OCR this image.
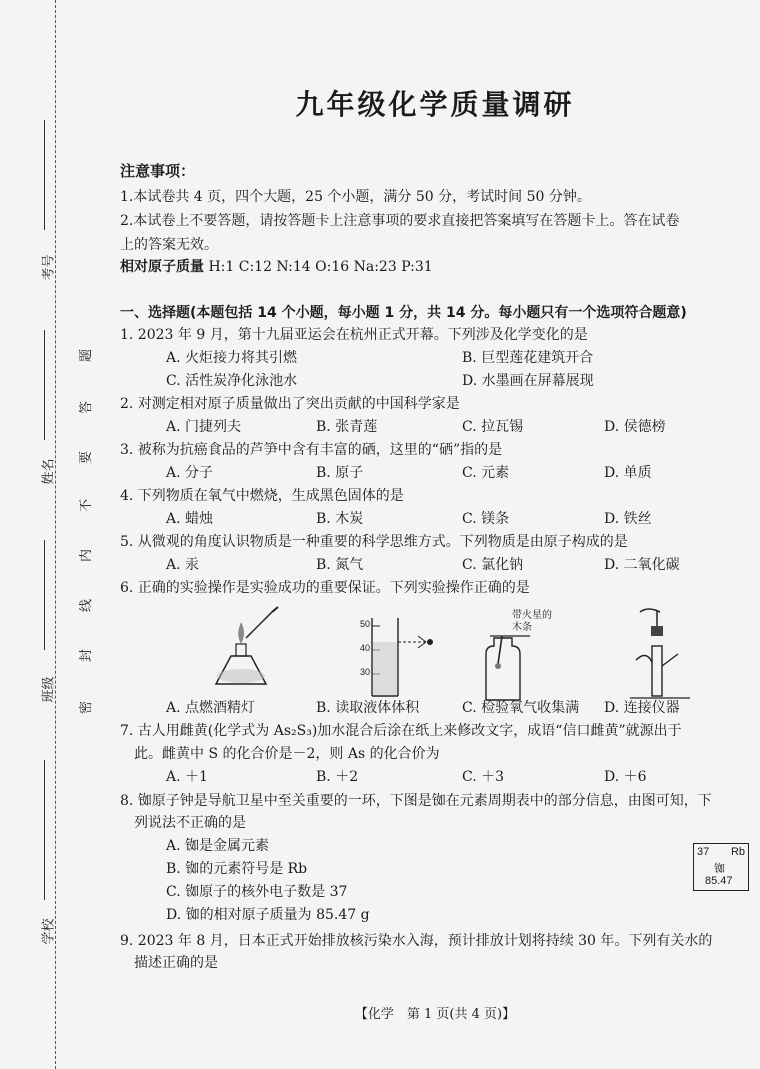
考号
姓名
班级
学校
题
答
要
不
内
线
封
密
九年级化学质量调研
注意事项：
1.本试卷共 4 页，四个大题，25 个小题，满分 50 分，考试时间 50 分钟。
2.本试卷上不要答题，请按答题卡上注意事项的要求直接把答案填写在答题卡上。答在试卷
上的答案无效。
相对原子质量 H:1 C:12 N:14 O:16 Na:23 P:31
一、选择题(本题包括 14 个小题，每小题 1 分，共 14 分。每小题只有一个选项符合题意)
1. 2023 年 9 月，第十九届亚运会在杭州正式开幕。下列涉及化学变化的是
A. 火炬接力将其引燃	B. 巨型莲花建筑开合
C. 活性炭净化泳池水	D. 水墨画在屏幕展现
2. 对测定相对原子质量做出了突出贡献的中国科学家是
A. 门捷列夫	B. 张青莲	C. 拉瓦锡	D. 侯德榜
3. 被称为抗癌食品的芦笋中含有丰富的硒，这里的“硒”指的是
A. 分子	B. 原子	C. 元素	D. 单质
4. 下列物质在氧气中燃烧，生成黑色固体的是
A. 蜡烛	B. 木炭	C. 镁条	D. 铁丝
5. 从微观的角度认识物质是一种重要的科学思维方式。下列物质是由原子构成的是
A. 汞	B. 氮气	C. 氯化钠	D. 二氧化碳
6. 正确的实验操作是实验成功的重要保证。下列实验操作正确的是
50
40
30
带火星的木条
A. 点燃酒精灯	B. 读取液体体积	C. 检验氧气收集满 D. 连接仪器
7. 古人用雌黄(化学式为 As₂S₃)加水混合后涂在纸上来修改文字，成语“信口雌黄”就源出于
此。雌黄中 S 的化合价是－2，则 As 的化合价为
A. ＋1	B. ＋2	C. ＋3	D. ＋6
8. 铷原子钟是导航卫星中至关重要的一环，下图是铷在元素周期表中的部分信息，由图可知，下
列说法不正确的是
A. 铷是金属元素
B. 铷的元素符号是 Rb
C. 铷原子的核外电子数是 37
D. 铷的相对原子质量为 85.47 g
37 Rb
铷
85.47
9. 2023 年 8 月，日本正式开始排放核污染水入海，预计排放计划将持续 30 年。下列有关水的
描述正确的是
【化学　第 1 页(共 4 页)】
